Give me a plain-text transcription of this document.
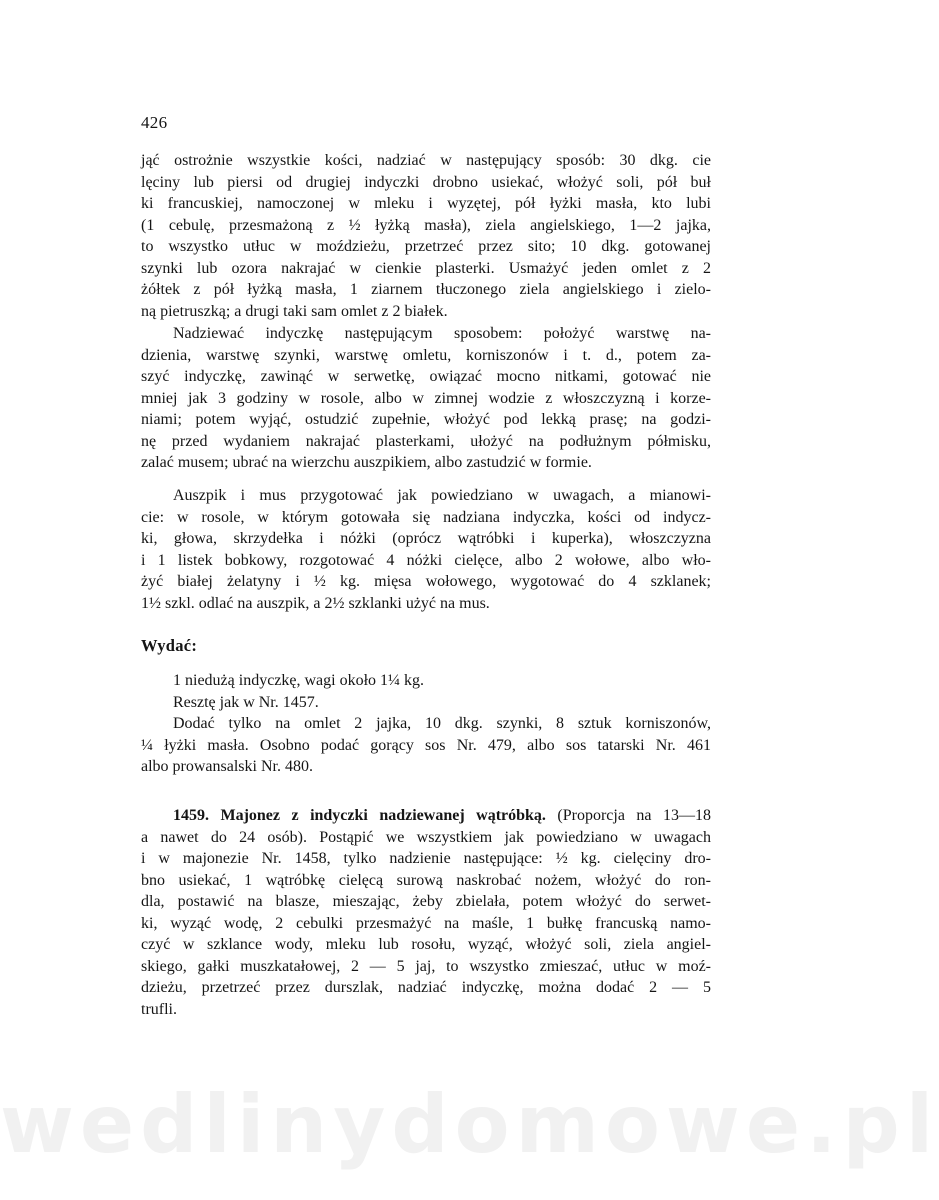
426
jąć ostrożnie wszystkie kości, nadziać w następujący sposób: 30 dkg. cie
lęciny lub piersi od drugiej indyczki drobno usiekać, włożyć soli, pół buł
ki francuskiej, namoczonej w mleku i wyzętej, pół łyżki masła, kto lubi
(1 cebulę, przesmażoną z ½ łyżką masła), ziela angielskiego, 1—2 jajka,
to wszystko utłuc w moździeżu, przetrzeć przez sito; 10 dkg. gotowanej
szynki lub ozora nakrajać w cienkie plasterki. Usmażyć jeden omlet z 2
żółtek z pół łyżką masła, 1 ziarnem tłuczonego ziela angielskiego i zielo-
ną pietruszką; a drugi taki sam omlet z 2 białek.
Nadziewać indyczkę następującym sposobem: położyć warstwę na-
dzienia, warstwę szynki, warstwę omletu, korniszonów i t. d., potem za-
szyć indyczkę, zawinąć w serwetkę, owiązać mocno nitkami, gotować nie
mniej jak 3 godziny w rosole, albo w zimnej wodzie z włoszczyzną i korze-
niami; potem wyjąć, ostudzić zupełnie, włożyć pod lekką prasę; na godzi-
nę przed wydaniem nakrajać plasterkami, ułożyć na podłużnym półmisku,
zalać musem; ubrać na wierzchu auszpikiem, albo zastudzić w formie.
Auszpik i mus przygotować jak powiedziano w uwagach, a mianowi-
cie: w rosole, w którym gotowała się nadziana indyczka, kości od indycz-
ki, głowa, skrzydełka i nóżki (oprócz wątróbki i kuperka), włoszczyzna
i 1 listek bobkowy, rozgotować 4 nóżki cielęce, albo 2 wołowe, albo wło-
żyć białej żelatyny i ½ kg. mięsa wołowego, wygotować do 4 szklanek;
1½ szkl. odlać na auszpik, a 2½ szklanki użyć na mus.
Wydać:
1 niedużą indyczkę, wagi około 1¼ kg.
Resztę jak w Nr. 1457.
Dodać tylko na omlet 2 jajka, 10 dkg. szynki, 8 sztuk korniszonów,
¼ łyżki masła. Osobno podać gorący sos Nr. 479, albo sos tatarski Nr. 461
albo prowansalski Nr. 480.
1459. Majonez z indyczki nadziewanej wątróbką. (Proporcja na 13—18
a nawet do 24 osób). Postąpić we wszystkiem jak powiedziano w uwagach
i w majonezie Nr. 1458, tylko nadzienie następujące: ½ kg. cielęciny dro-
bno usiekać, 1 wątróbkę cielęcą surową naskrobać nożem, włożyć do ron-
dla, postawić na blasze, mieszając, żeby zbielała, potem włożyć do serwet-
ki, wyząć wodę, 2 cebulki przesmażyć na maśle, 1 bułkę francuską namo-
czyć w szklance wody, mleku lub rosołu, wyząć, włożyć soli, ziela angiel-
skiego, gałki muszkatałowej, 2 — 5 jaj, to wszystko zmieszać, utłuc w moź-
dzieżu, przetrzeć przez durszlak, nadziać indyczkę, można dodać 2 — 5
trufli.
wedlinydomowe.pl
